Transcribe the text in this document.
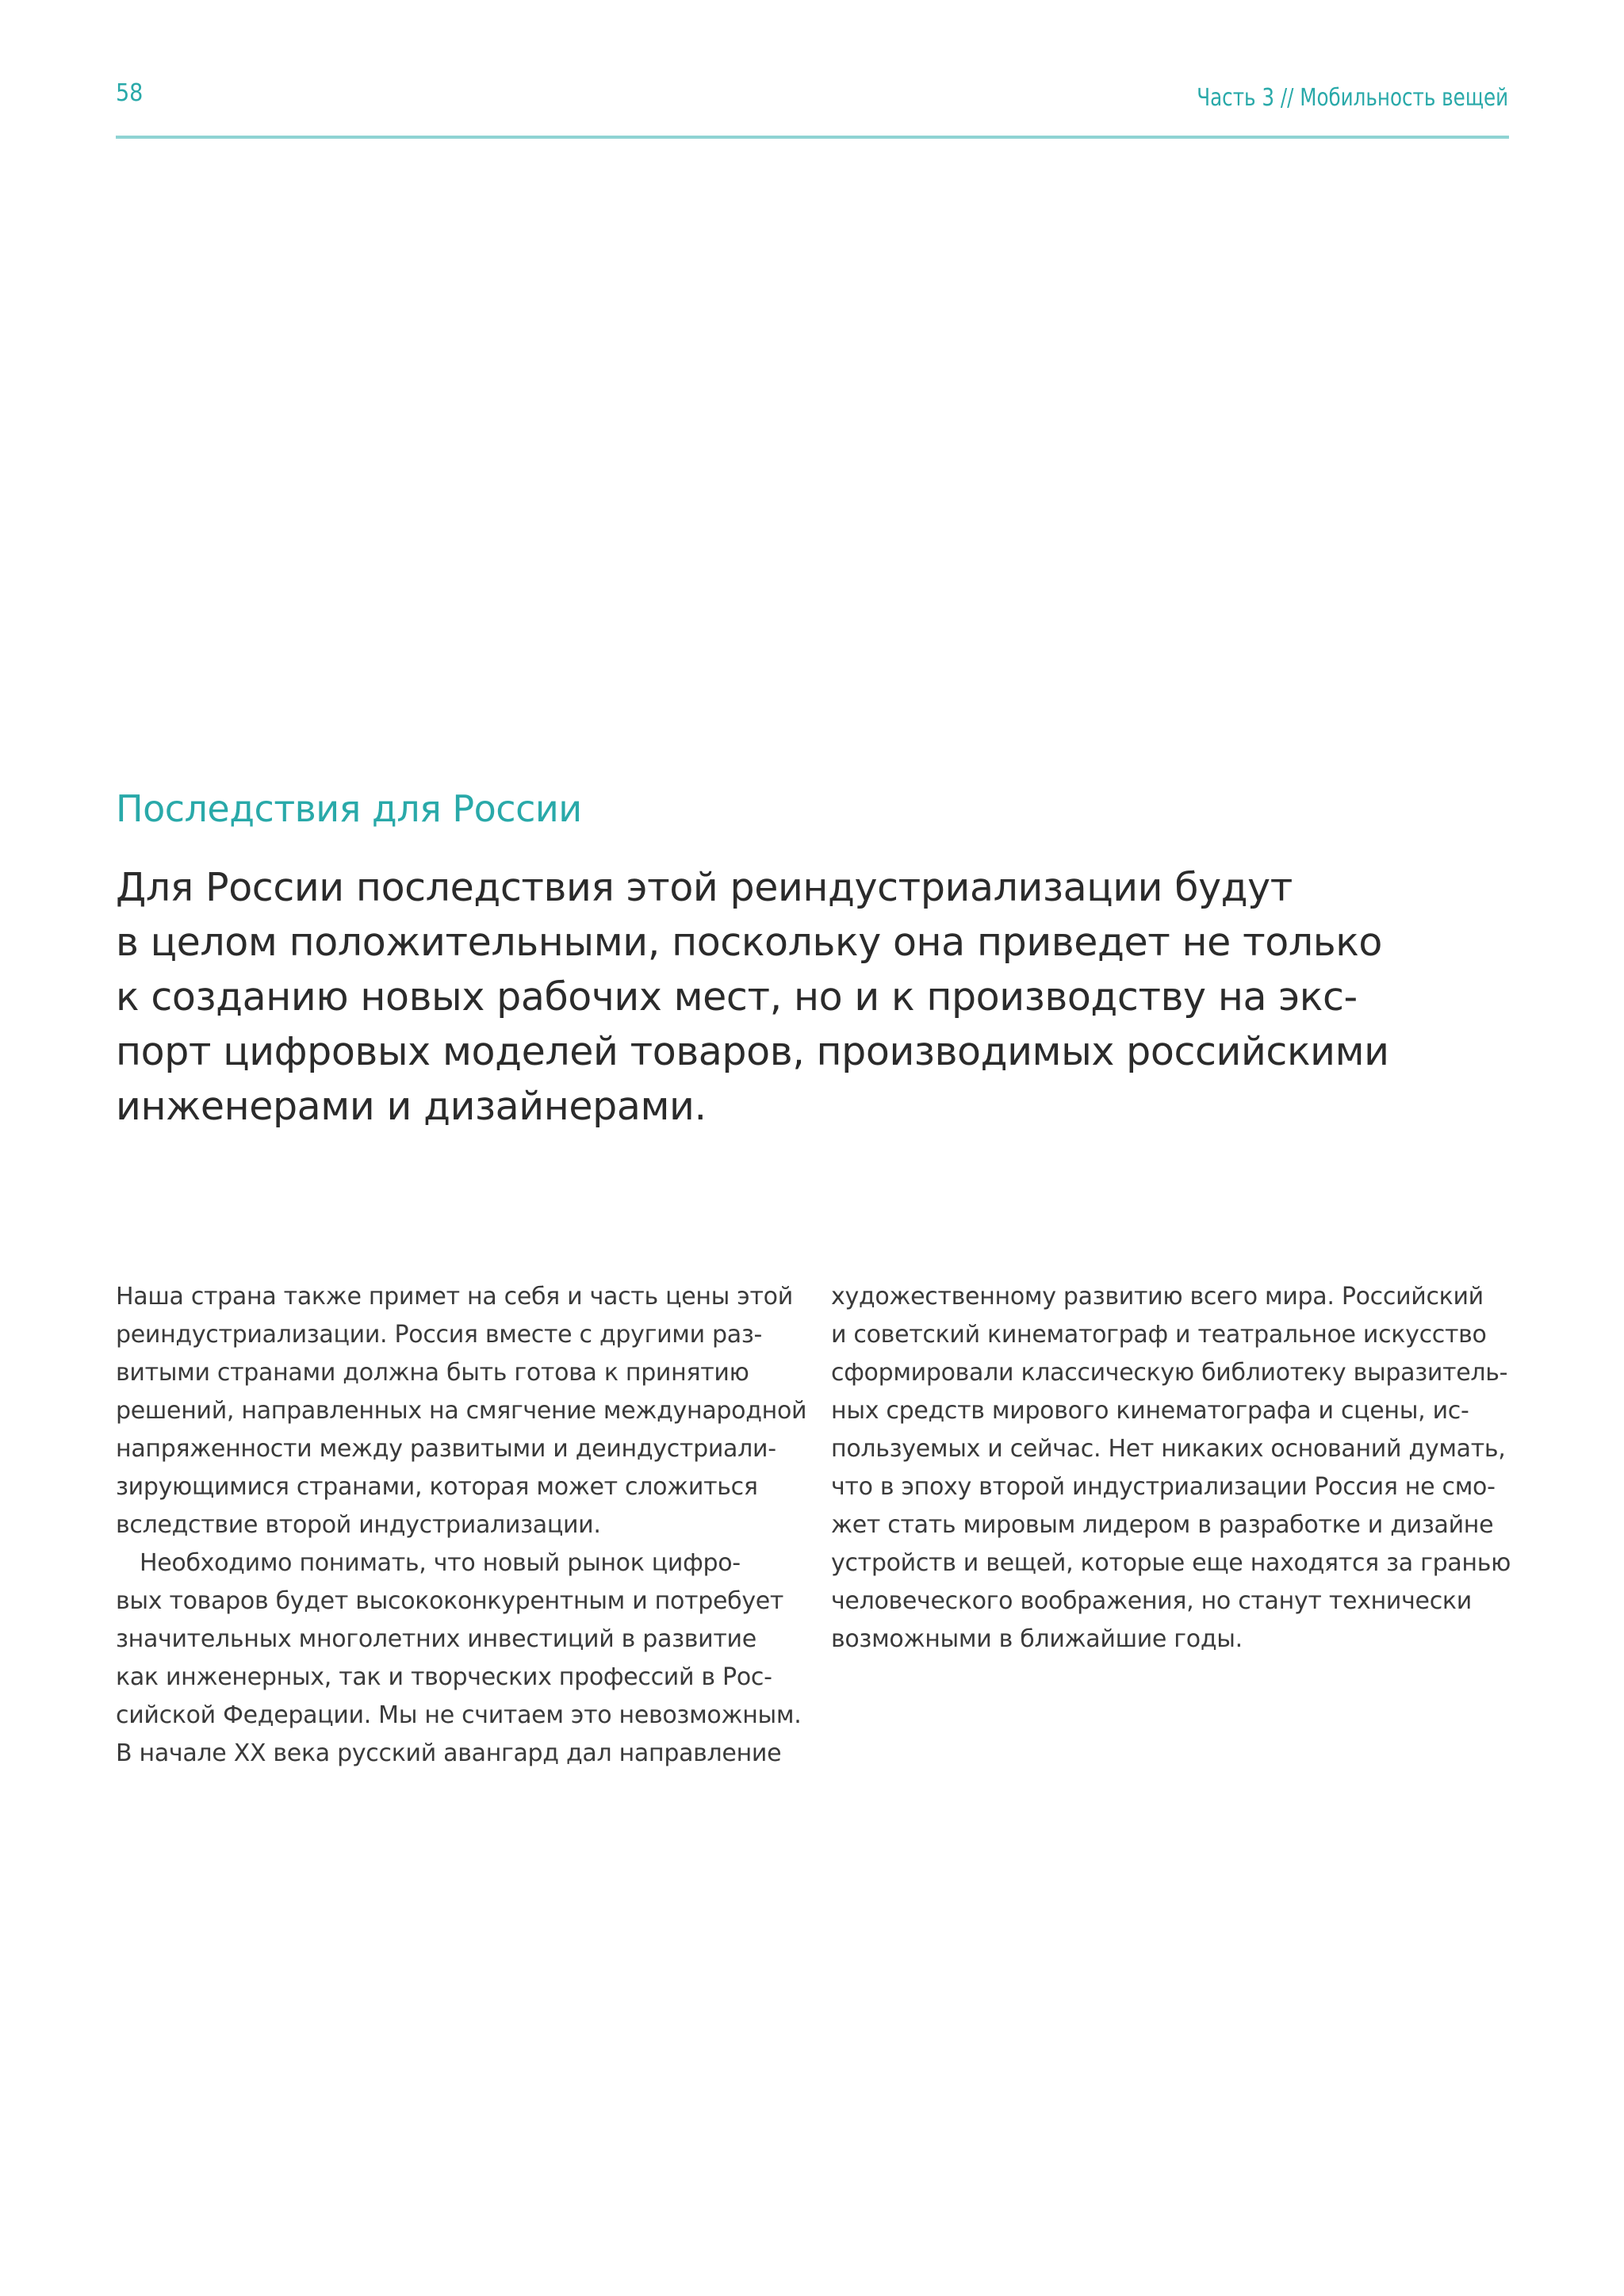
58	Часть 3 // Мобильность вещей
Последствия для России

Для России последствия этой реиндустриализации будут
в целом положительными, поскольку она приведет не только
к созданию новых рабочих мест, но и к производству на экс-
порт цифровых моделей товаров, производимых российскими
инженерами и дизайнерами.

Наша страна также примет на себя и часть цены этой
реиндустриализации. Россия вместе с другими раз-
витыми странами должна быть готова к принятию
решений, направленных на смягчение международной
напряженности между развитыми и деиндустриали-
зирующимися странами, которая может сложиться
вследствие второй индустриализации.
Необходимо понимать, что новый рынок цифро-
вых товаров будет высококонкурентным и потребует
значительных многолетних инвестиций в развитие
как инженерных, так и творческих профессий в Рос-
сийской Федерации. Мы не считаем это невозможным.
В начале XX века русский авангард дал направление
художественному развитию всего мира. Российский
и советский кинематограф и театральное искусство
сформировали классическую библиотеку выразитель-
ных средств мирового кинематографа и сцены, ис-
пользуемых и сейчас. Нет никаких оснований думать,
что в эпоху второй индустриализации Россия не смо-
жет стать мировым лидером в разработке и дизайне
устройств и вещей, которые еще находятся за гранью
человеческого воображения, но станут технически
возможными в ближайшие годы.
